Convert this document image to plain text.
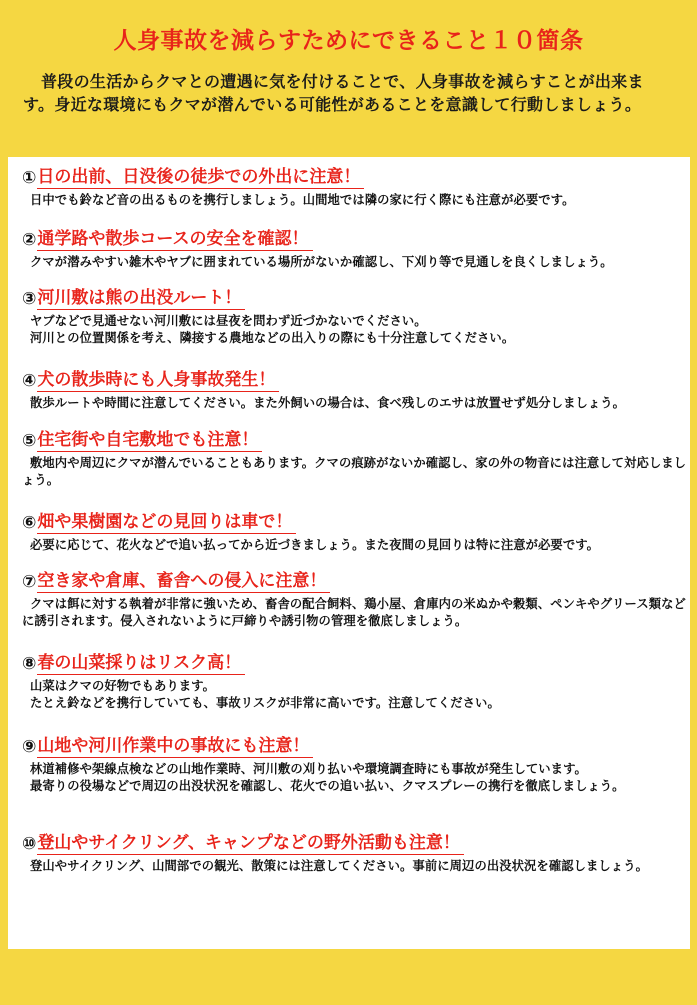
人身事故を減らすためにできること１０箇条
普段の生活からクマとの遭遇に気を付けることで、人身事故を減らすことが出来ます。身近な環境にもクマが潜んでいる可能性があることを意識して行動しましょう。
① 日の出前、日没後の徒歩での外出に注意！
日中でも鈴など音の出るものを携行しましょう。山間地では隣の家に行く際にも注意が必要です。
② 通学路や散歩コースの安全を確認！
クマが潜みやすい雑木やヤブに囲まれている場所がないか確認し、下刈り等で見通しを良くしましょう。
③ 河川敷は熊の出没ルート！
ヤブなどで見通せない河川敷には昼夜を問わず近づかないでください。
河川との位置関係を考え、隣接する農地などの出入りの際にも十分注意してください。
④ 犬の散歩時にも人身事故発生！
散歩ルートや時間に注意してください。また外飼いの場合は、食べ残しのエサは放置せず処分しましょう。
⑤ 住宅街や自宅敷地でも注意！
敷地内や周辺にクマが潜んでいることもあります。クマの痕跡がないか確認し、家の外の物音には注意して対応しましょう。
⑥ 畑や果樹園などの見回りは車で！
必要に応じて、花火などで追い払ってから近づきましょう。また夜間の見回りは特に注意が必要です。
⑦ 空き家や倉庫、畜舎への侵入に注意！
クマは餌に対する執着が非常に強いため、畜舎の配合飼料、鶏小屋、倉庫内の米ぬかや穀類、ペンキやグリース類などに誘引されます。侵入されないように戸締りや誘引物の管理を徹底しましょう。
⑧ 春の山菜採りはリスク高！
山菜はクマの好物でもあります。
たとえ鈴などを携行していても、事故リスクが非常に高いです。注意してください。
⑨ 山地や河川作業中の事故にも注意！
林道補修や架線点検などの山地作業時、河川敷の刈り払いや環境調査時にも事故が発生しています。
最寄りの役場などで周辺の出没状況を確認し、花火での追い払い、クマスプレーの携行を徹底しましょう。
⑩ 登山やサイクリング、キャンプなどの野外活動も注意！
登山やサイクリング、山間部での観光、散策には注意してください。事前に周辺の出没状況を確認しましょう。
